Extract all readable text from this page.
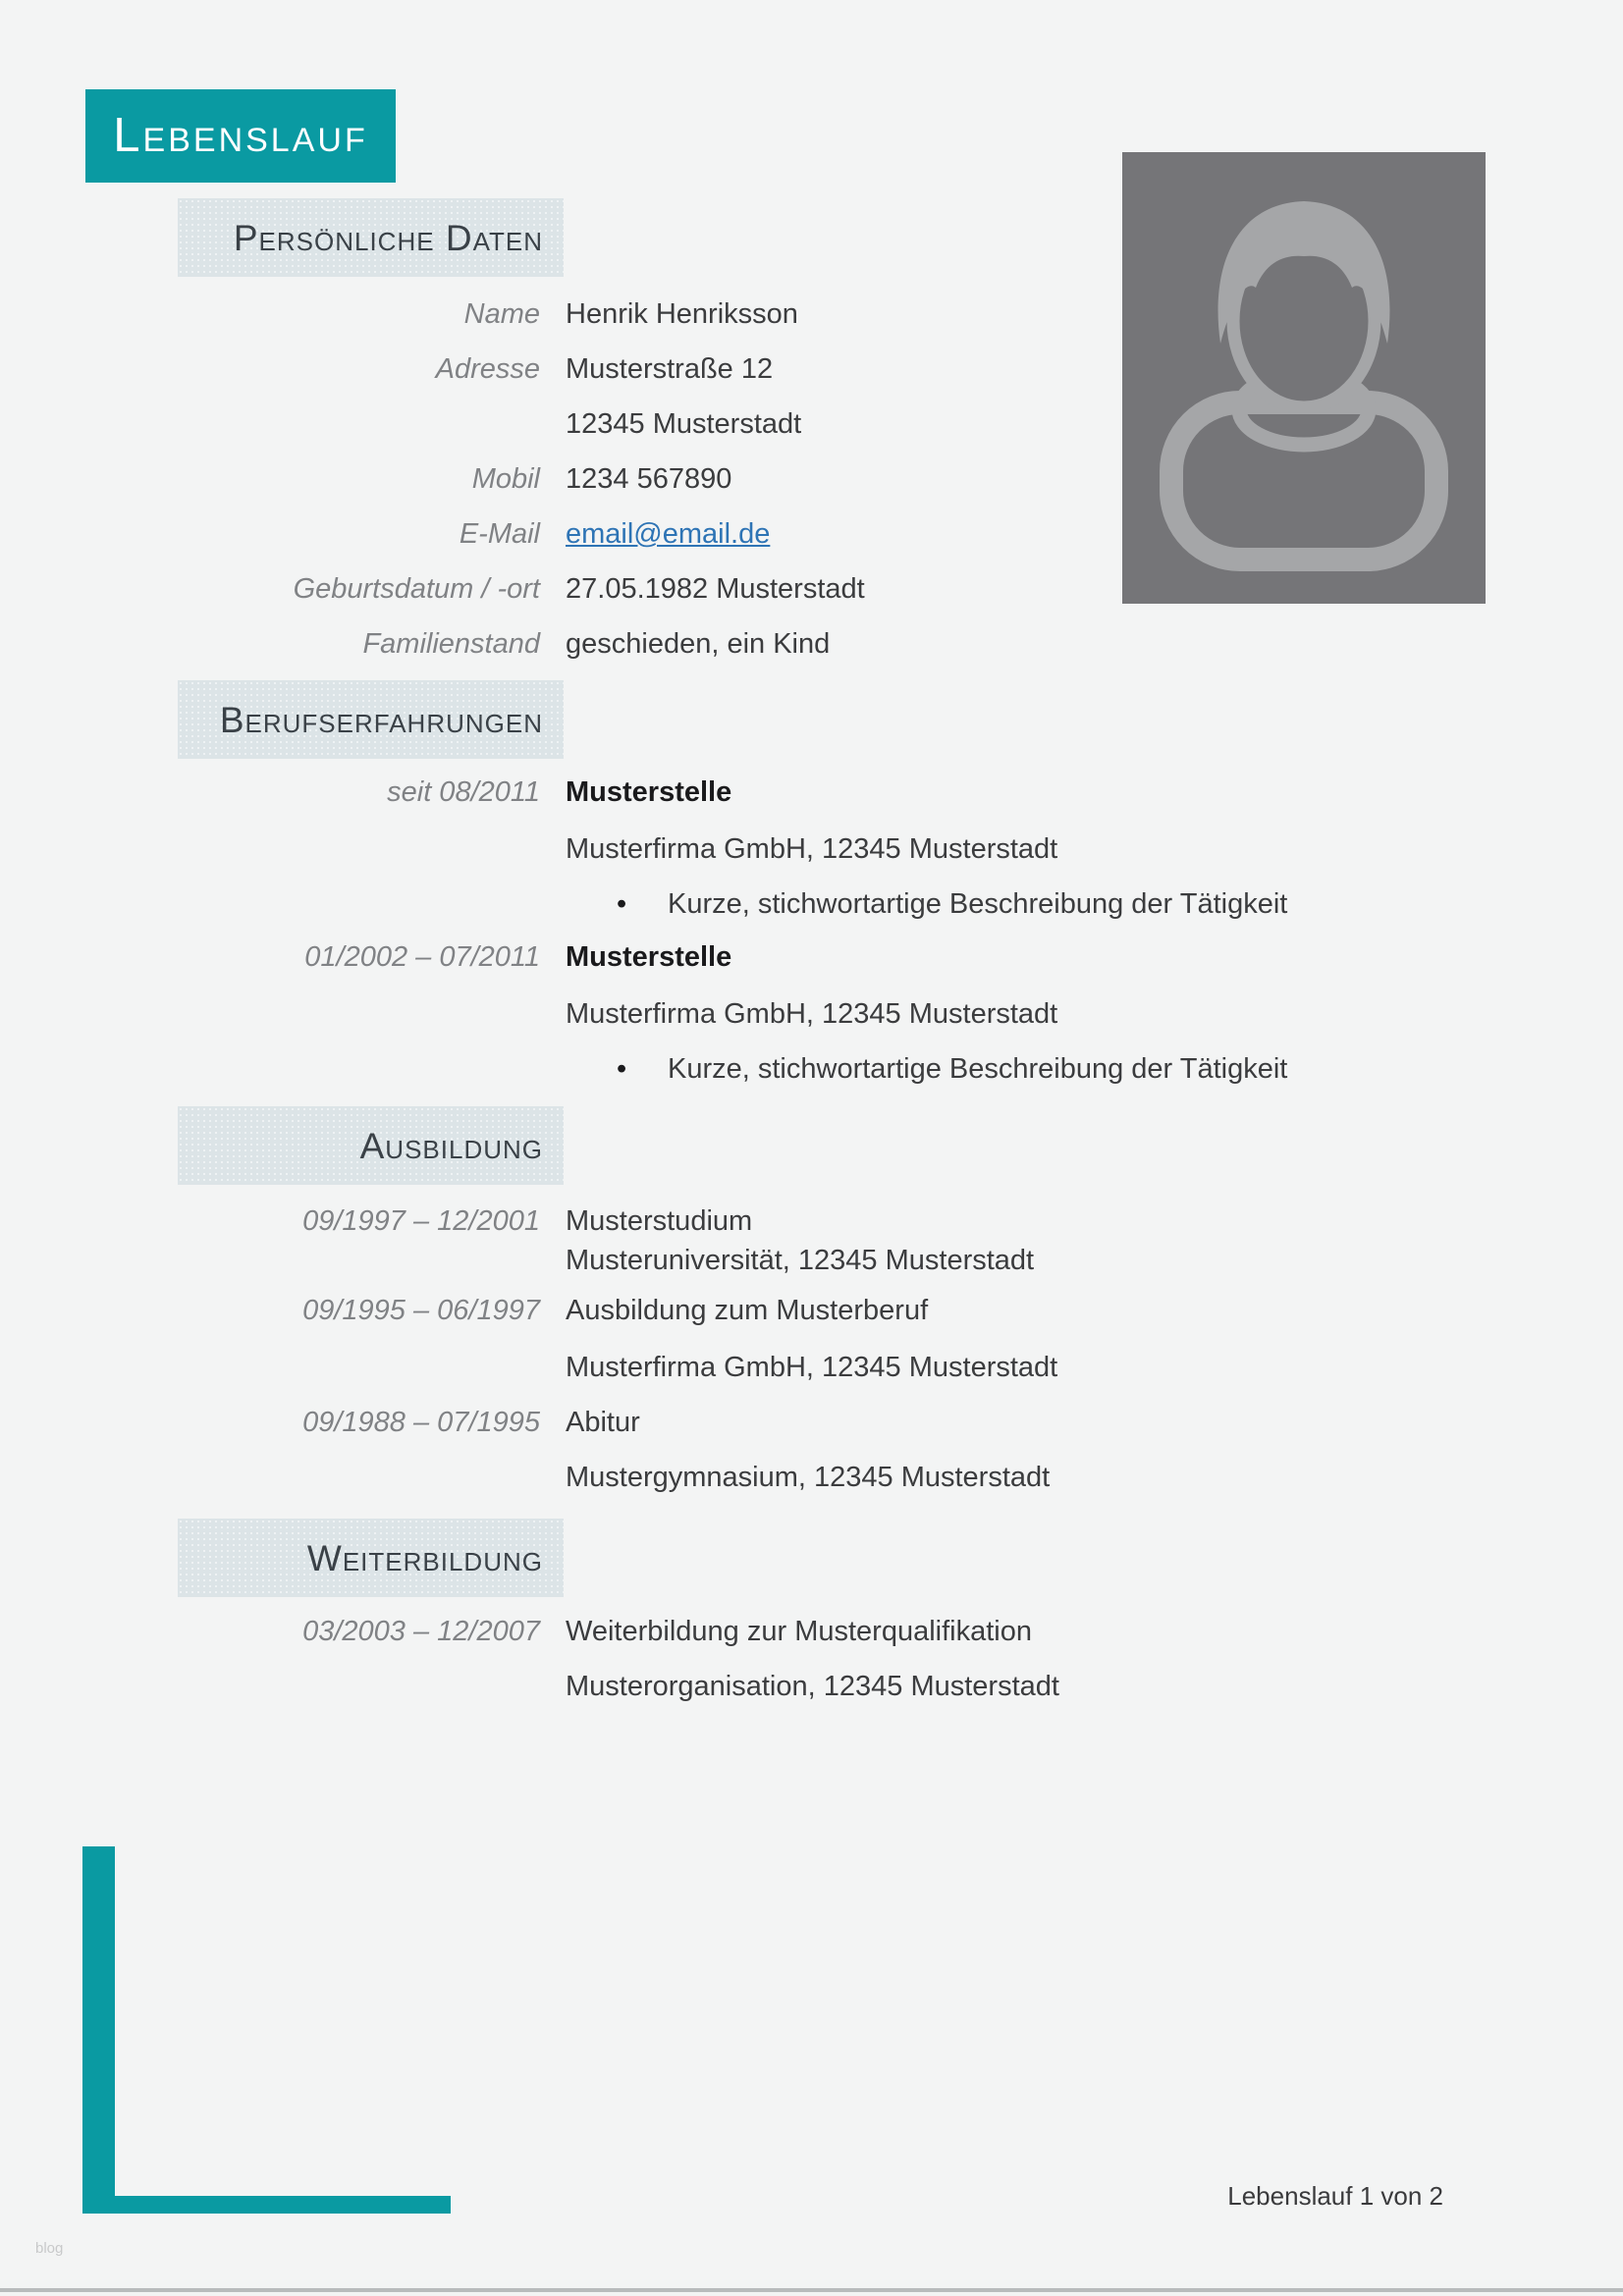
Lebenslauf
Persönliche Daten
Name Henrik Henriksson
Adresse Musterstraße 12
12345 Musterstadt
Mobil 1234 567890
E-Mail email@email.de
Geburtsdatum / -ort 27.05.1982 Musterstadt
Familienstand geschieden, ein Kind
Berufserfahrungen
seit 08/2011 Musterstelle
Musterfirma GmbH, 12345 Musterstadt
•	Kurze, stichwortartige Beschreibung der Tätigkeit
01/2002 – 07/2011 Musterstelle
Musterfirma GmbH, 12345 Musterstadt
•	Kurze, stichwortartige Beschreibung der Tätigkeit
Ausbildung
09/1997 – 12/2001 Musterstudium
Musteruniversität, 12345 Musterstadt
09/1995 – 06/1997 Ausbildung zum Musterberuf
Musterfirma GmbH, 12345 Musterstadt
09/1988 – 07/1995 Abitur
Mustergymnasium, 12345 Musterstadt
Weiterbildung
03/2003 – 12/2007 Weiterbildung zur Musterqualifikation
Musterorganisation, 12345 Musterstadt
Lebenslauf 1 von 2
blog
